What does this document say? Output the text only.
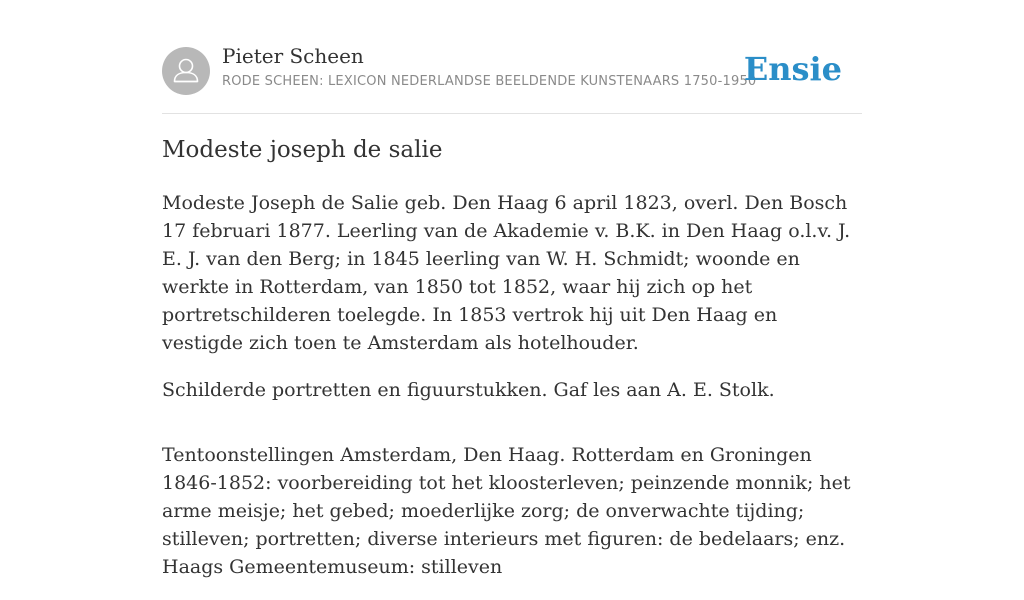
Pieter Scheen
RODE SCHEEN: LEXICON NEDERLANDSE BEELDENDE KUNSTENAARS 1750-1950
Ensie
Modeste joseph de salie

Modeste Joseph de Salie geb. Den Haag 6 april 1823, overl. Den Bosch 17 februari 1877. Leerling van de Akademie v. B.K. in Den Haag o.l.v. J. E. J. van den Berg; in 1845 leerling van W. H. Schmidt; woonde en werkte in Rotterdam, van 1850 tot 1852, waar hij zich op het portretschilderen toelegde. In 1853 vertrok hij uit Den Haag en vestigde zich toen te Amsterdam als hotelhouder.

Schilderde portretten en figuurstukken. Gaf les aan A. E. Stolk.

Tentoonstellingen Amsterdam, Den Haag. Rotterdam en Groningen 1846-1852: voorbereiding tot het kloosterleven; peinzende monnik; het arme meisje; het gebed; moederlijke zorg; de onverwachte tijding; stilleven; portretten; diverse interieurs met figuren: de bedelaars; enz. Haags Gemeentemuseum: stilleven
